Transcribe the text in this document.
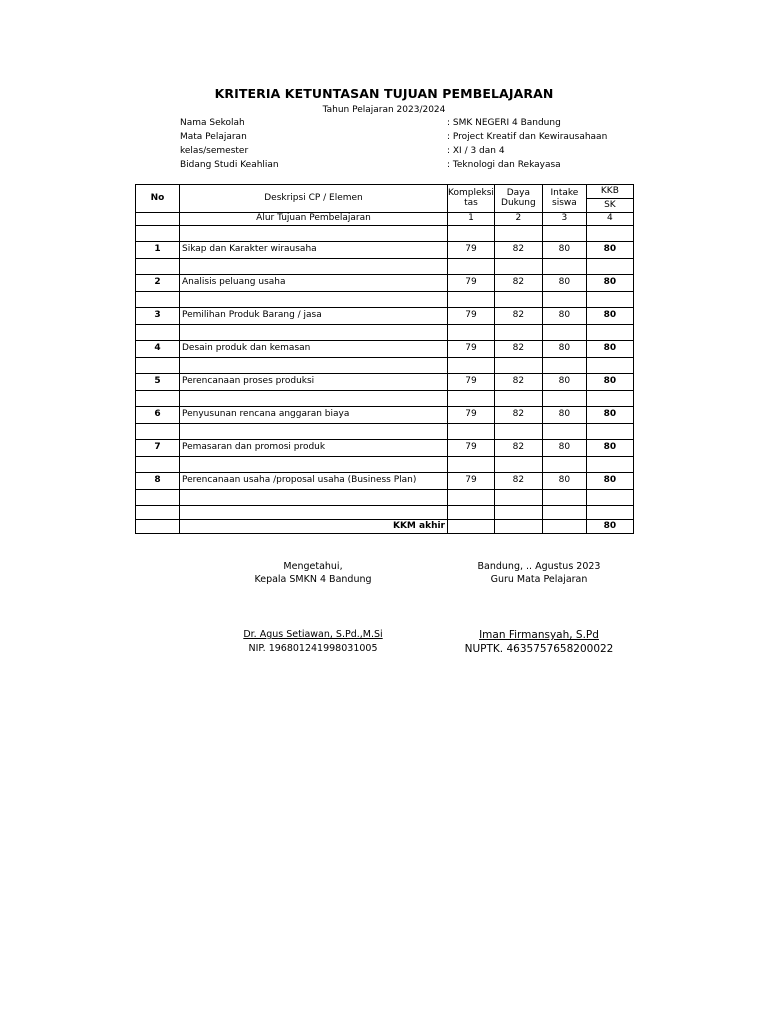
KRITERIA KETUNTASAN TUJUAN PEMBELAJARAN
Tahun Pelajaran 2023/2024
Nama Sekolah	: SMK NEGERI 4 Bandung
Mata Pelajaran	: Project Kreatif dan Kewirausahaan
kelas/semester	: XI / 3 dan 4
Bidang Studi Keahlian	: Teknologi dan Rekayasa
No	Deskripsi CP / Elemen	Kompleksi tas	Daya Dukung	Intake siswa	KKB
					SK
	Alur Tujuan Pembelajaran	1	2	3	4

1	Sikap dan Karakter wirausaha	79	82	80	80

2	Analisis peluang usaha	79	82	80	80

3	Pemilihan Produk Barang / jasa	79	82	80	80

4	Desain produk dan kemasan	79	82	80	80

5	Perencanaan proses produksi	79	82	80	80

6	Penyusunan rencana anggaran biaya	79	82	80	80

7	Pemasaran dan promosi produk	79	82	80	80

8	Perencanaan usaha /proposal usaha (Business Plan)	79	82	80	80

	KKM akhir				80
Mengetahui,
Kepala SMKN 4 Bandung
Dr. Agus Setiawan, S.Pd.,M.Si
NIP. 196801241998031005
Bandung, .. Agustus 2023
Guru Mata Pelajaran
Iman Firmansyah, S.Pd
NUPTK. 4635757658200022
